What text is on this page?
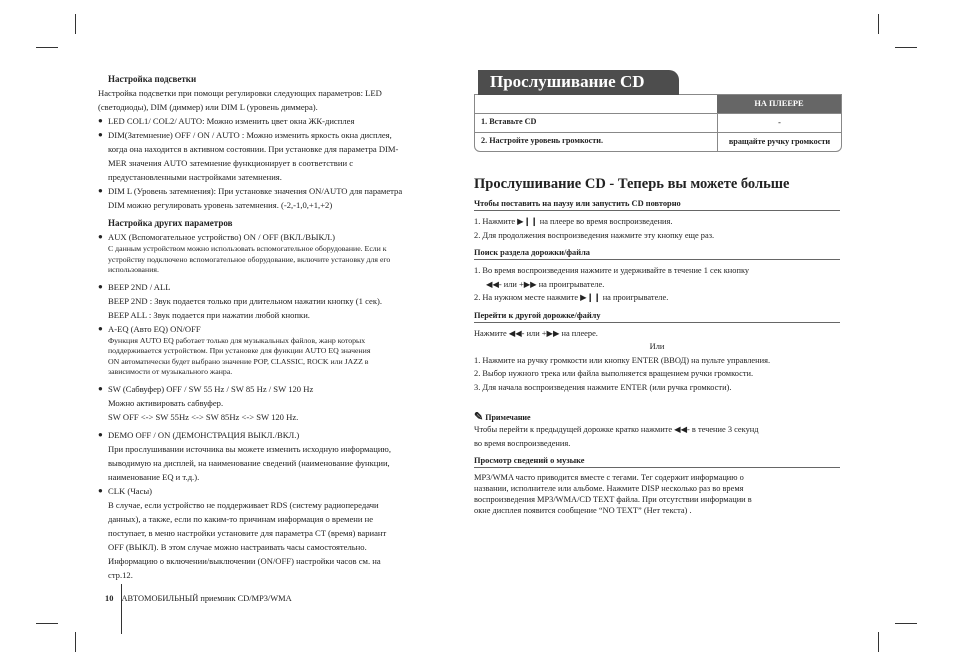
Настройка подсветки
Настройка подсветки при помощи регулировки следующих параметров: LED
(светодиоды), DIM (диммер) или DIM L (уровень диммера).
● LED COL1/ COL2/ AUTO: Можно изменить цвет окна ЖК-дисплея
● DIM(Затемнение) OFF / ON / AUTO : Можно изменить яркость окна дисплея,
когда она находится в активном состоянии. При установке для параметра DIM-
MER значения AUTO затемнение функционирует в соответствии с
предустановленными настройками затемнения.
● DIM L (Уровень затемнения): При установке значения ON/AUTO для параметра
DIM можно регулировать уровень затемнения. (-2,-1,0,+1,+2)
Настройка других параметров
● AUX (Вспомогательное устройство) ON / OFF (ВКЛ./ВЫКЛ.)
С данным устройством можно использовать вспомогательное оборудование. Если к
устройству подключено вспомогательное оборудование, включите установку для его
использования.
● BEEP 2ND / ALL
BEEP 2ND : Звук подается только при длительном нажатии кнопку (1 сек).
BEEP ALL : Звук подается при нажатии любой кнопки.
● A-EQ (Авто EQ) ON/OFF
Функция AUTO EQ работает только для музыкальных файлов, жанр которых
поддерживается устройством. При установке для функции AUTO EQ значения
ON автоматически будет выбрано значение POP, CLASSIC, ROCK или JAZZ в
зависимости от музыкального жанра.
● SW (Сабвуфер) OFF / SW 55 Hz / SW 85 Hz / SW 120 Hz
Можно активировать сабвуфер.
SW OFF <-> SW 55Hz <-> SW 85Hz <-> SW 120 Hz.
● DEMO OFF / ON (ДЕМОНСТРАЦИЯ ВЫКЛ./ВКЛ.)
При прослушивании источника вы можете изменить исходную информацию,
выводимую на дисплей, на наименование сведений (наименование функции,
наименование EQ и т.д.).
● CLK (Часы)
В случае, если устройство не поддерживает RDS (систему радиопередачи
данных), а также, если по каким-то причинам информация о времени не
поступает, в меню настройки установите для параметра CT (время) вариант
OFF (ВЫКЛ). В этом случае можно настраивать часы самостоятельно.
Информацию о включении/выключении (ON/OFF) настройки часов см. на
стр.12.
10 АВТОМОБИЛЬНЫЙ приемник CD/MP3/WMA
Прослушивание CD
НА ПЛЕЕРЕ
1. Вставьте CD	-
2. Настройте уровень громкости.	вращайте ручку громкости
Прослушивание CD - Теперь вы можете больше
Чтобы поставить на паузу или запустить CD повторно
1. Нажмите ▶❙❙ на плеере во время воспроизведения.
2. Для продолжения воспроизведения нажмите эту кнопку еще раз.
Поиск раздела дорожки/файла
1. Во время воспроизведения нажмите и удерживайте в течение 1 сек кнопку
◀◀- или +▶▶ на проигрывателе.
2. На нужном месте нажмите ▶❙❙ на проигрывателе.
Перейти к другой дорожке/файлу
Нажмите ◀◀- или +▶▶ на плеере.
Или
1. Нажмите на ручку громкости или кнопку ENTER (ВВОД) на пульте управления.
2. Выбор нужного трека или файла выполняется вращением ручки громкости.
3. Для начала воспроизведения нажмите ENTER (или ручка громкости).
✎ Примечание
Чтобы перейти к предыдущей дорожке кратко нажмите ◀◀- в течение 3 секунд
во время воспроизведения.
Просмотр сведений о музыке
MP3/WMA часто приводится вместе с тегами. Тег содержит информацию о
названии, исполнителе или альбоме. Нажмите DISP несколько раз во время
воспроизведения MP3/WMA/CD TEXT файла. При отсутствии информации в
окне дисплея появится сообщение “NO TEXT” (Нет текста) .
